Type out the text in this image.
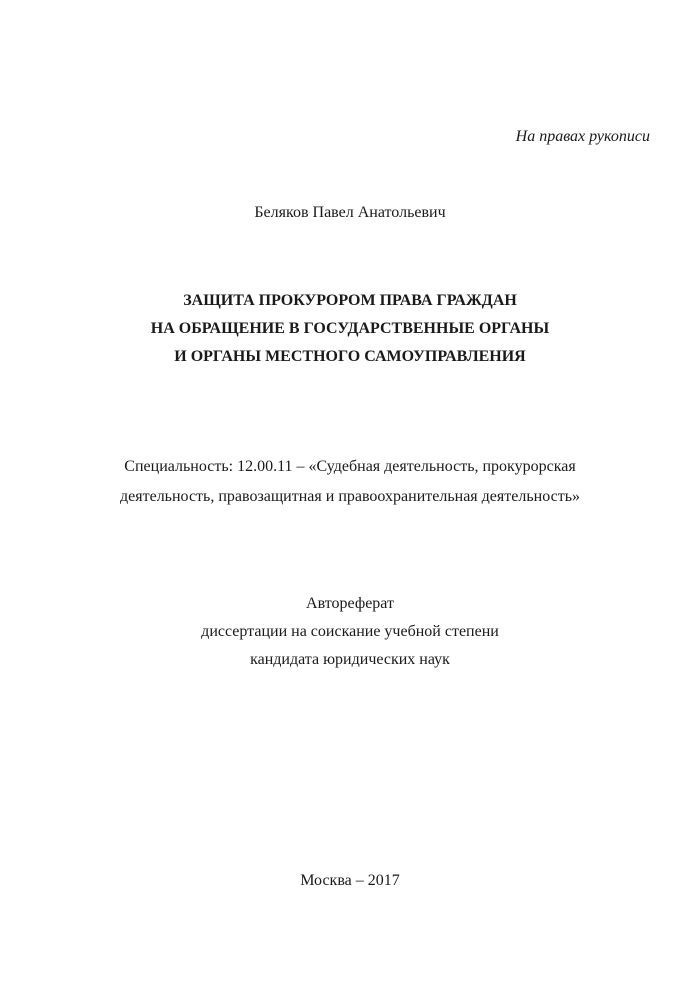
На правах рукописи
Беляков Павел Анатольевич
ЗАЩИТА ПРОКУРОРОМ ПРАВА ГРАЖДАН
НА ОБРАЩЕНИЕ В ГОСУДАРСТВЕННЫЕ ОРГАНЫ
И ОРГАНЫ МЕСТНОГО САМОУПРАВЛЕНИЯ
Специальность: 12.00.11 – «Судебная деятельность, прокурорская
деятельность, правозащитная и правоохранительная деятельность»
Автореферат
диссертации на соискание учебной степени
кандидата юридических наук
Москва – 2017
